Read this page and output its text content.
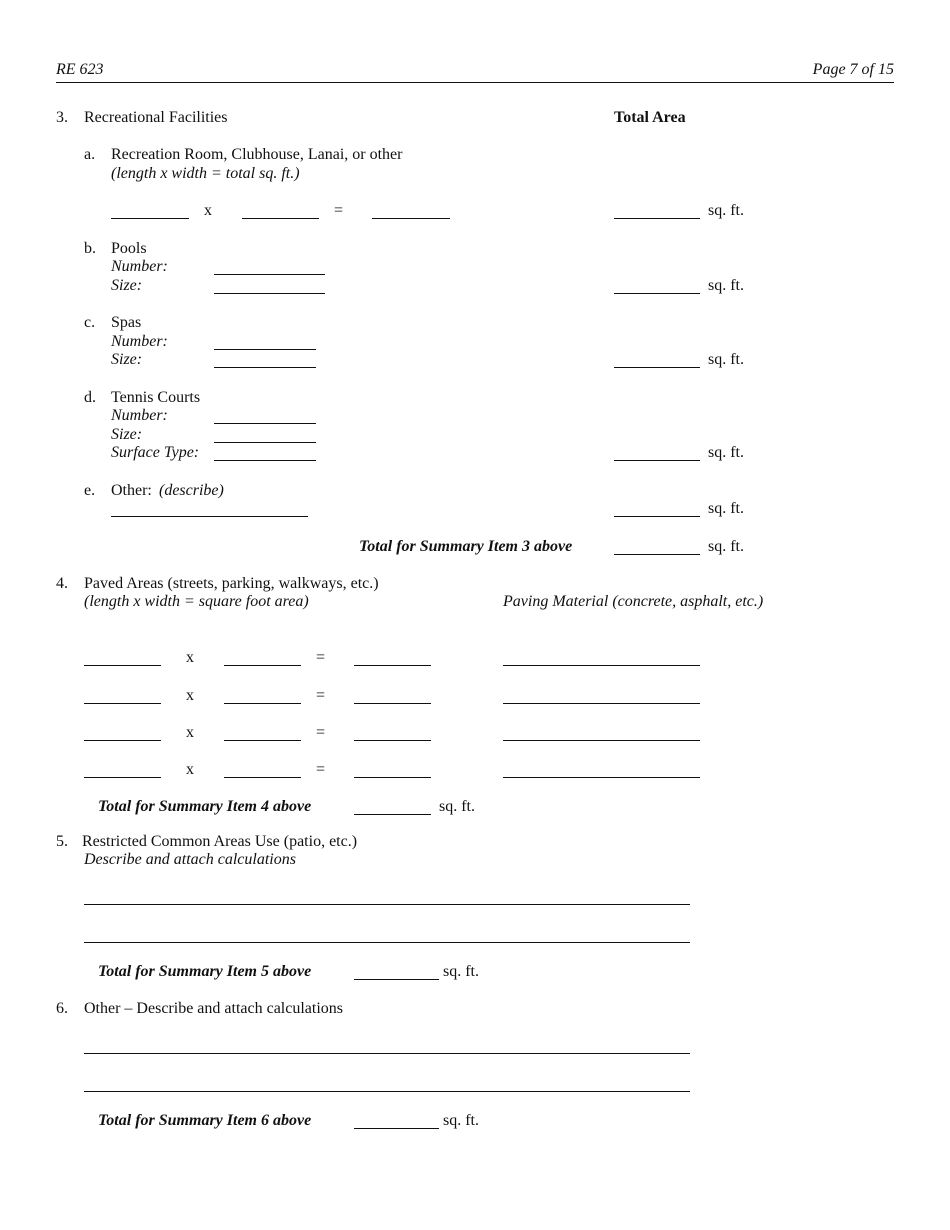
RE 623	Page 7 of 15
3. Recreational Facilities	Total Area
a. Recreation Room, Clubhouse, Lanai, or other
(length x width = total sq. ft.)
x	=	sq. ft.
b. Pools
Number:
Size:	sq. ft.
c. Spas
Number:
Size:	sq. ft.
d. Tennis Courts
Number:
Size:
Surface Type:	sq. ft.
e. Other: (describe)
sq. ft.
Total for Summary Item 3 above	sq. ft.
4. Paved Areas (streets, parking, walkways, etc.)
(length x width = square foot area)	Paving Material (concrete, asphalt, etc.)
x	=
x	=
x	=
x	=
Total for Summary Item 4 above	sq. ft.
5. Restricted Common Areas Use (patio, etc.)
Describe and attach calculations
Total for Summary Item 5 above	sq. ft.
6. Other – Describe and attach calculations
Total for Summary Item 6 above	sq. ft.
